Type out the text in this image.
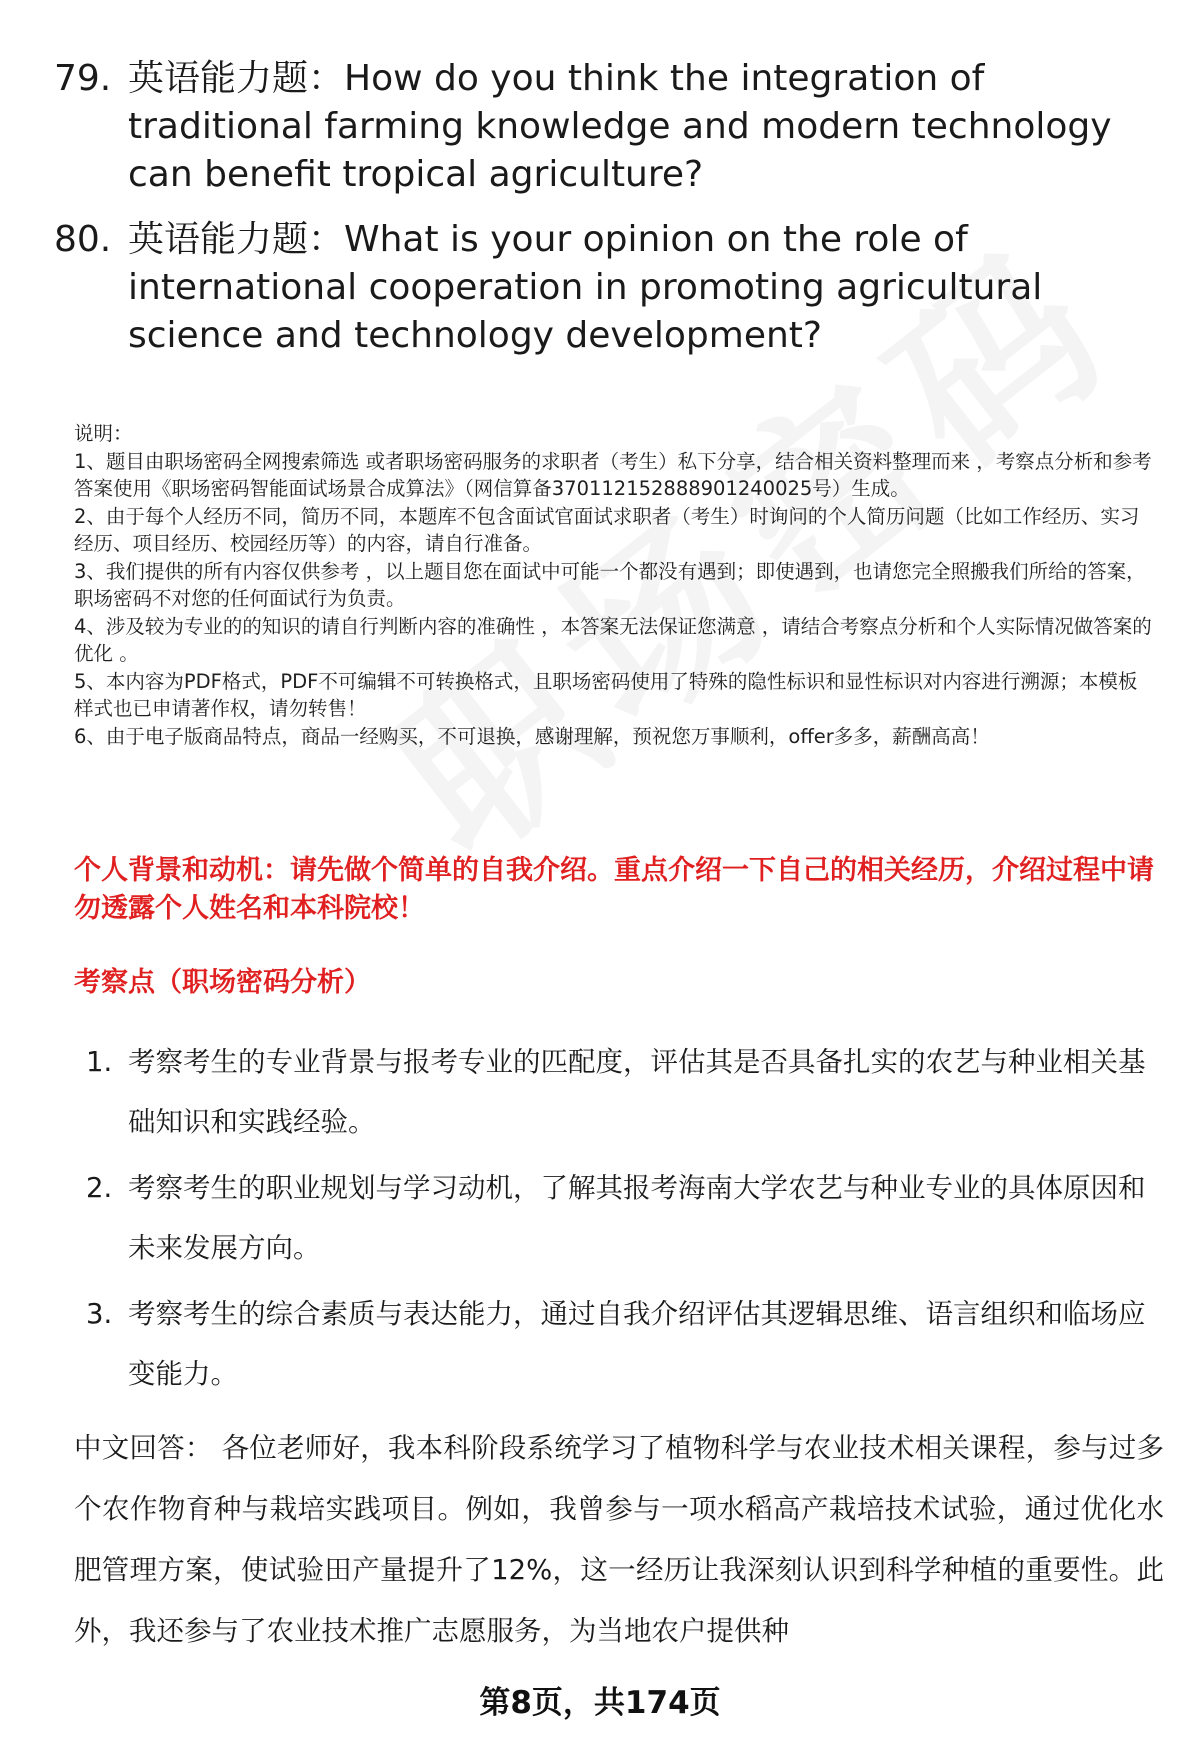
79. 英语能力题：How do you think the integration of traditional farming knowledge and modern technology can benefit tropical agriculture?
80. 英语能力题：What is your opinion on the role of international cooperation in promoting agricultural science and technology development?
说明：
1、题目由职场密码全网搜索筛选 或者职场密码服务的求职者（考生）私下分享，结合相关资料整理而来 ，考察点分析和参考答案使用《职场密码智能面试场景合成算法》（网信算备370112152888901240025号）生成。
2、由于每个人经历不同，简历不同，本题库不包含面试官面试求职者（考生）时询问的个人简历问题（比如工作经历、实习经历、项目经历、校园经历等）的内容，请自行准备。
3、我们提供的所有内容仅供参考 ，以上题目您在面试中可能一个都没有遇到；即使遇到，也请您完全照搬我们所给的答案，职场密码不对您的任何面试行为负责。
4、涉及较为专业的的知识的请自行判断内容的准确性 ，本答案无法保证您满意 ，请结合考察点分析和个人实际情况做答案的优化 。
5、本内容为PDF格式，PDF不可编辑不可转换格式，且职场密码使用了特殊的隐性标识和显性标识对内容进行溯源；本模板样式也已申请著作权，请勿转售！
6、由于电子版商品特点，商品一经购买，不可退换，感谢理解，预祝您万事顺利，offer多多，薪酬高高！
个人背景和动机：请先做个简单的自我介绍。重点介绍一下自己的相关经历，介绍过程中请勿透露个人姓名和本科院校！
考察点（职场密码分析）
1. 考察考生的专业背景与报考专业的匹配度，评估其是否具备扎实的农艺与种业相关基础知识和实践经验。
2. 考察考生的职业规划与学习动机，了解其报考海南大学农艺与种业专业的具体原因和未来发展方向。
3. 考察考生的综合素质与表达能力，通过自我介绍评估其逻辑思维、语言组织和临场应变能力。
中文回答： 各位老师好，我本科阶段系统学习了植物科学与农业技术相关课程，参与过多个农作物育种与栽培实践项目。例如，我曾参与一项水稻高产栽培技术试验，通过优化水肥管理方案，使试验田产量提升了12%，这一经历让我深刻认识到科学种植的重要性。此外，我还参与了农业技术推广志愿服务，为当地农户提供种
第8页，共174页
